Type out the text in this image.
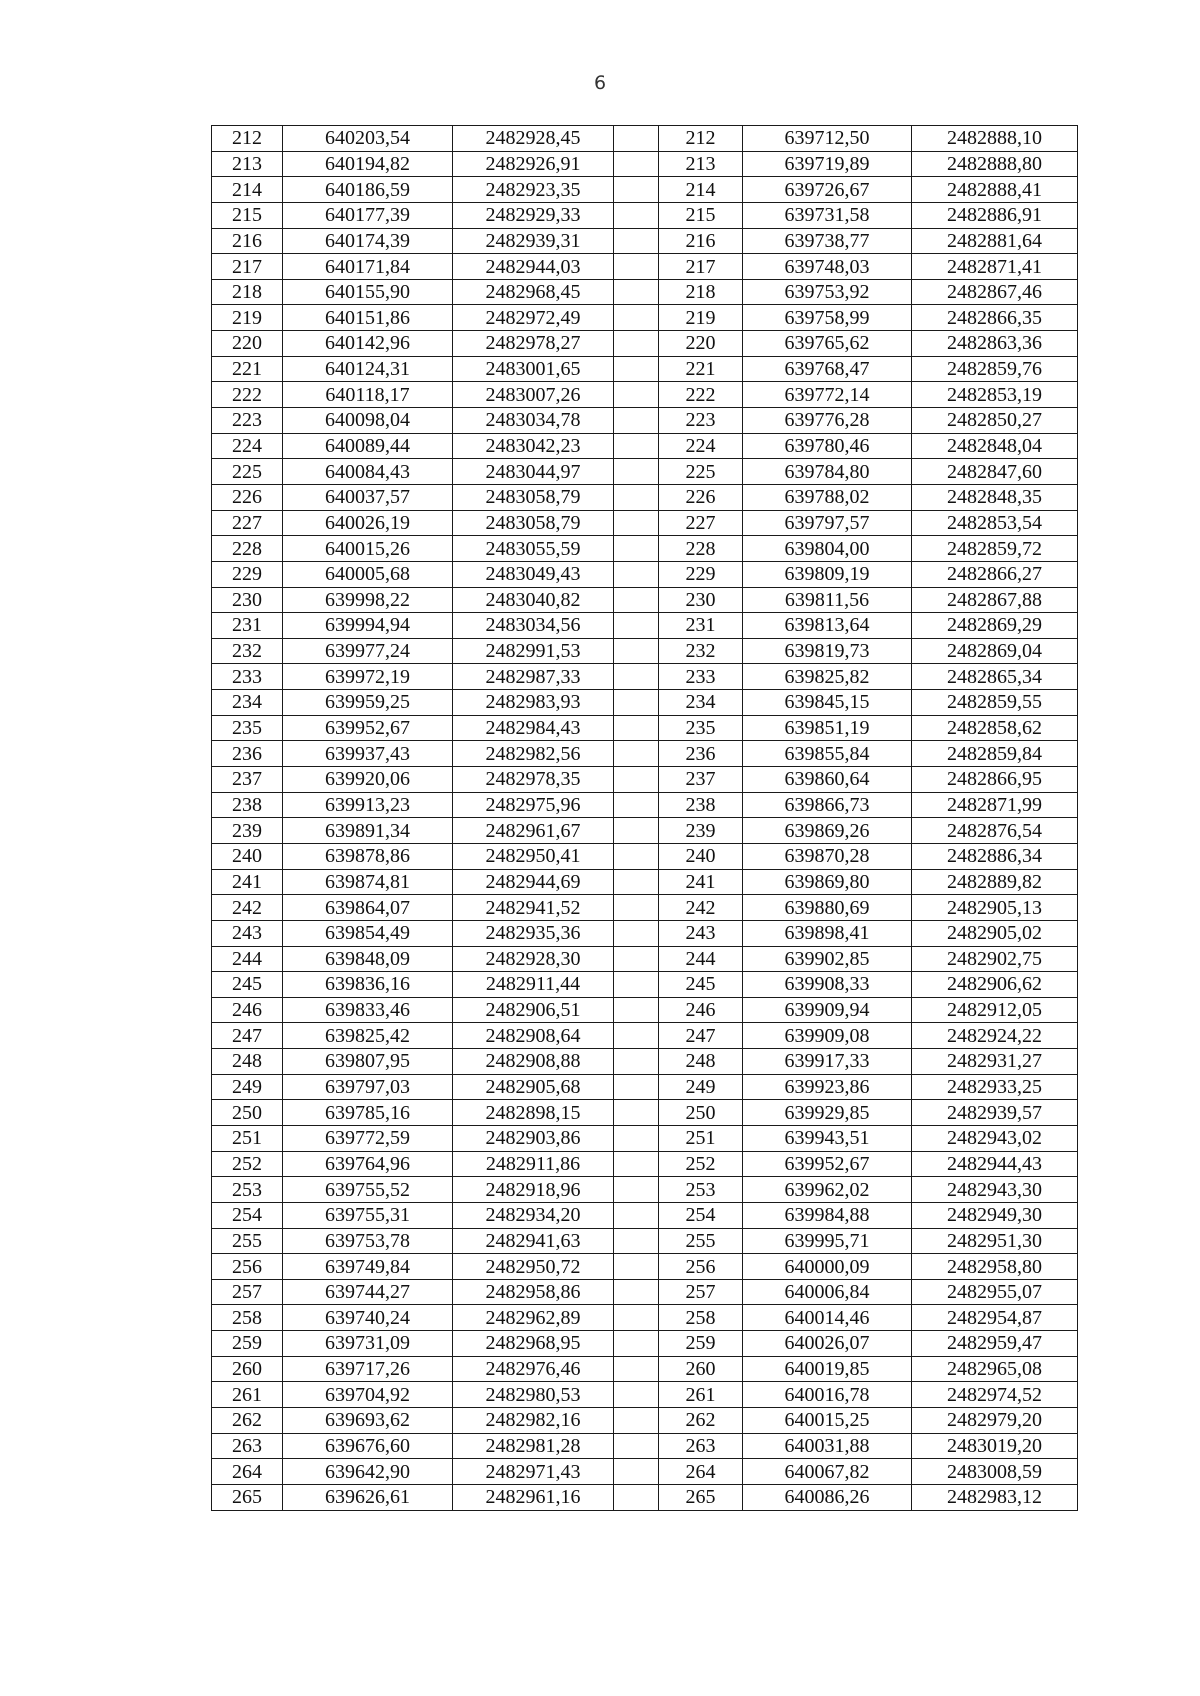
6
212	640203,54	2482928,45		212	639712,50	2482888,10
213	640194,82	2482926,91		213	639719,89	2482888,80
214	640186,59	2482923,35		214	639726,67	2482888,41
215	640177,39	2482929,33		215	639731,58	2482886,91
216	640174,39	2482939,31		216	639738,77	2482881,64
217	640171,84	2482944,03		217	639748,03	2482871,41
218	640155,90	2482968,45		218	639753,92	2482867,46
219	640151,86	2482972,49		219	639758,99	2482866,35
220	640142,96	2482978,27		220	639765,62	2482863,36
221	640124,31	2483001,65		221	639768,47	2482859,76
222	640118,17	2483007,26		222	639772,14	2482853,19
223	640098,04	2483034,78		223	639776,28	2482850,27
224	640089,44	2483042,23		224	639780,46	2482848,04
225	640084,43	2483044,97		225	639784,80	2482847,60
226	640037,57	2483058,79		226	639788,02	2482848,35
227	640026,19	2483058,79		227	639797,57	2482853,54
228	640015,26	2483055,59		228	639804,00	2482859,72
229	640005,68	2483049,43		229	639809,19	2482866,27
230	639998,22	2483040,82		230	639811,56	2482867,88
231	639994,94	2483034,56		231	639813,64	2482869,29
232	639977,24	2482991,53		232	639819,73	2482869,04
233	639972,19	2482987,33		233	639825,82	2482865,34
234	639959,25	2482983,93		234	639845,15	2482859,55
235	639952,67	2482984,43		235	639851,19	2482858,62
236	639937,43	2482982,56		236	639855,84	2482859,84
237	639920,06	2482978,35		237	639860,64	2482866,95
238	639913,23	2482975,96		238	639866,73	2482871,99
239	639891,34	2482961,67		239	639869,26	2482876,54
240	639878,86	2482950,41		240	639870,28	2482886,34
241	639874,81	2482944,69		241	639869,80	2482889,82
242	639864,07	2482941,52		242	639880,69	2482905,13
243	639854,49	2482935,36		243	639898,41	2482905,02
244	639848,09	2482928,30		244	639902,85	2482902,75
245	639836,16	2482911,44		245	639908,33	2482906,62
246	639833,46	2482906,51		246	639909,94	2482912,05
247	639825,42	2482908,64		247	639909,08	2482924,22
248	639807,95	2482908,88		248	639917,33	2482931,27
249	639797,03	2482905,68		249	639923,86	2482933,25
250	639785,16	2482898,15		250	639929,85	2482939,57
251	639772,59	2482903,86		251	639943,51	2482943,02
252	639764,96	2482911,86		252	639952,67	2482944,43
253	639755,52	2482918,96		253	639962,02	2482943,30
254	639755,31	2482934,20		254	639984,88	2482949,30
255	639753,78	2482941,63		255	639995,71	2482951,30
256	639749,84	2482950,72		256	640000,09	2482958,80
257	639744,27	2482958,86		257	640006,84	2482955,07
258	639740,24	2482962,89		258	640014,46	2482954,87
259	639731,09	2482968,95		259	640026,07	2482959,47
260	639717,26	2482976,46		260	640019,85	2482965,08
261	639704,92	2482980,53		261	640016,78	2482974,52
262	639693,62	2482982,16		262	640015,25	2482979,20
263	639676,60	2482981,28		263	640031,88	2483019,20
264	639642,90	2482971,43		264	640067,82	2483008,59
265	639626,61	2482961,16		265	640086,26	2482983,12
